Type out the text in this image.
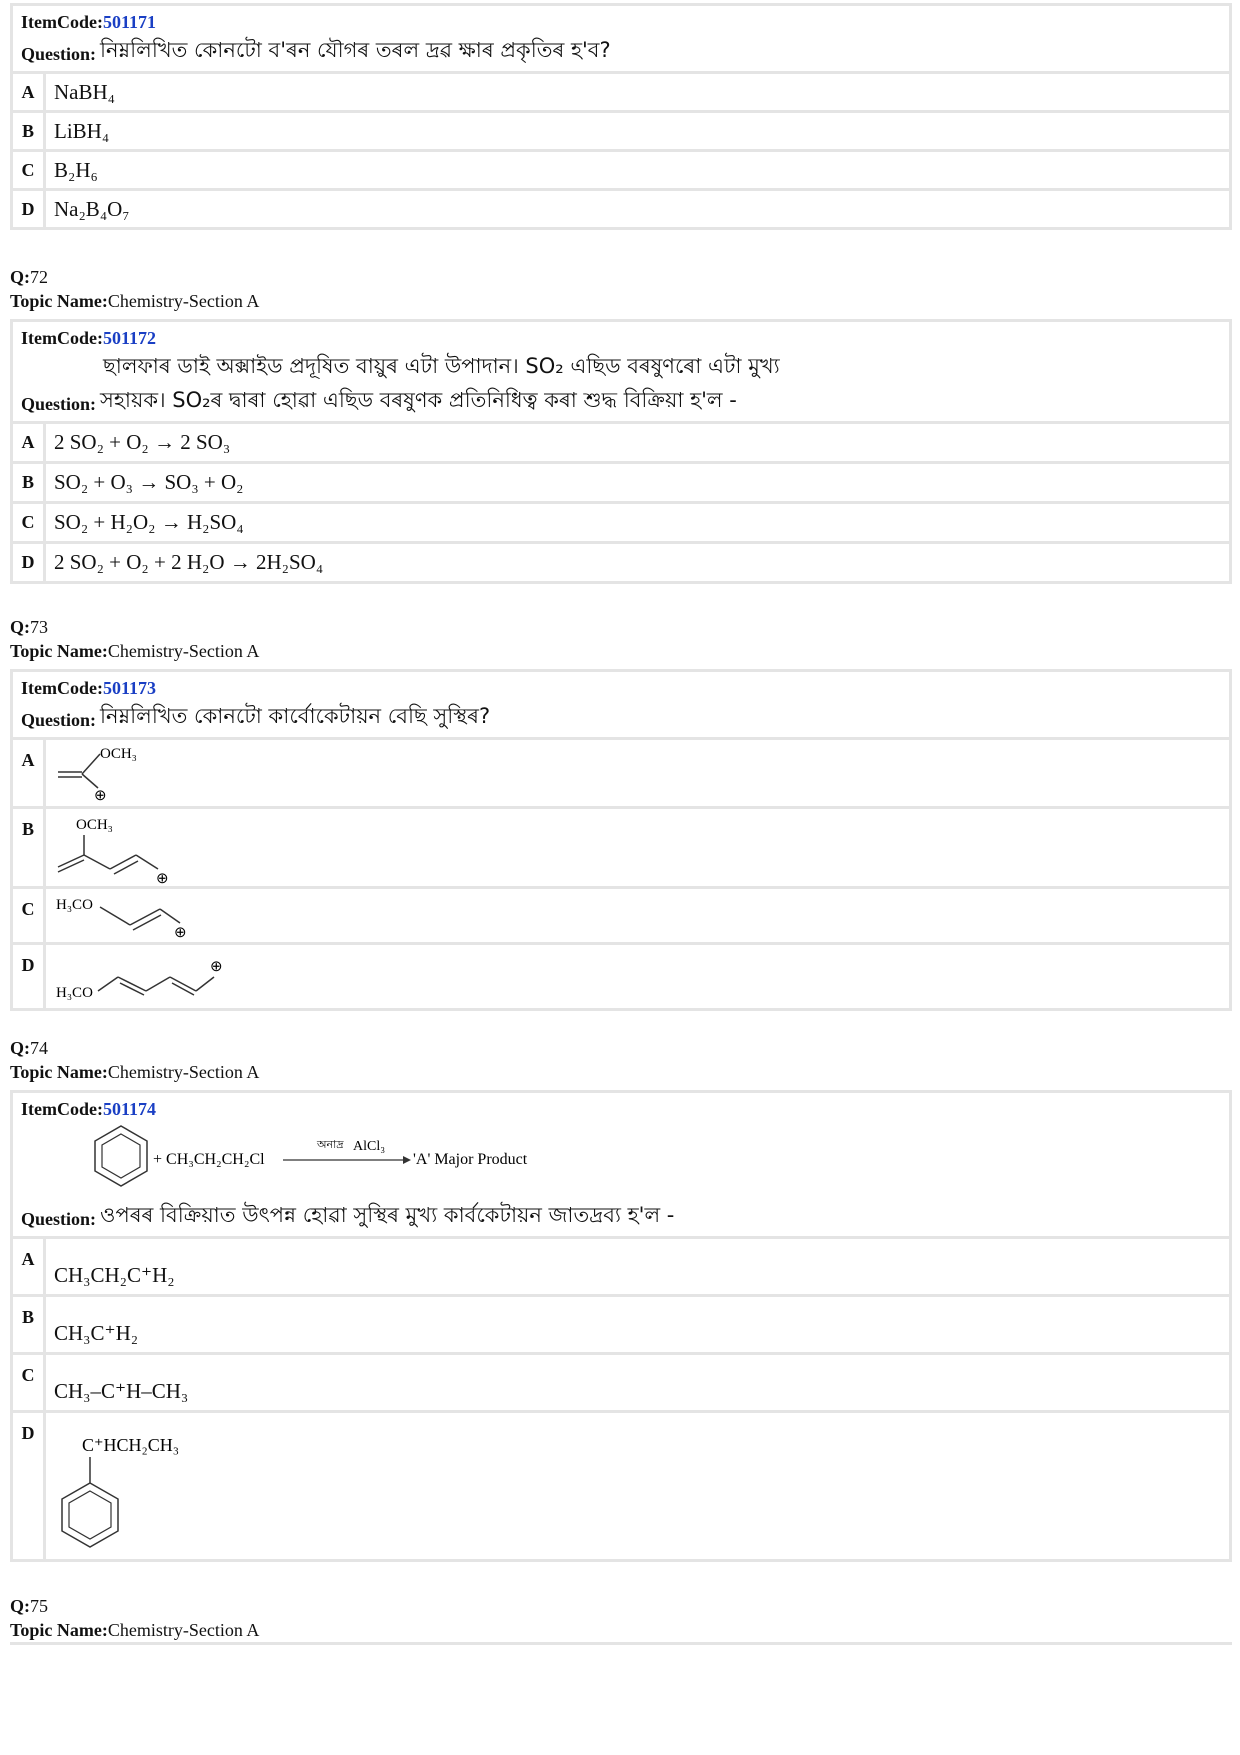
ItemCode:501171
Question: নিম্নলিখিত কোনটো ব'ৰন যৌগৰ তৰল দ্ৰৱ ক্ষাৰ প্ৰকৃতিৰ হ'ব?
A NaBH₄
B LiBH₄
C B₂H₆
D Na₂B₄O₇
Q:72
Topic Name:Chemistry-Section A
ItemCode:501172
ছালফাৰ ডাই অক্সাইড প্ৰদূষিত বায়ুৰ এটা উপাদান। SO₂ এছিড বৰষুণৰো এটা মুখ্য
Question: সহায়ক। SO₂ৰ দ্বাৰা হোৱা এছিড বৰষুণক প্ৰতিনিধিত্ব কৰা শুদ্ধ বিক্ৰিয়া হ'ল -
A 2 SO₂ + O₂ → 2 SO₃
B SO₂ + O₃ → SO₃ + O₂
C SO₂ + H₂O₂ → H₂SO₄
D 2 SO₂ + O₂ + 2 H₂O → 2H₂SO₄
Q:73
Topic Name:Chemistry-Section A
ItemCode:501173
Question: নিম্নলিখিত কোনটো কাৰ্বোকেটায়ন বেছি সুস্থিৰ?
A	OCH₃
⊕
B	OCH₃
⊕
C	H₃CO
⊕
D
H₃CO
⊕
Q:74
Topic Name:Chemistry-Section A
ItemCode:501174
+ CH₃CH₂CH₂Cl
অনাদ্ৰ AlCl₃
'A' Major Product
Question: ওপৰৰ বিক্ৰিয়াত উৎপন্ন হোৱা সুস্থিৰ মুখ্য কাৰ্বকেটায়ন জাতদ্ৰব্য হ'ল -
A
CH₃CH₂C⁺H₂
B
CH₃C⁺H₂
C
CH₃–C⁺H–CH₃
D
C⁺HCH₂CH₃
Q:75
Topic Name:Chemistry-Section A
